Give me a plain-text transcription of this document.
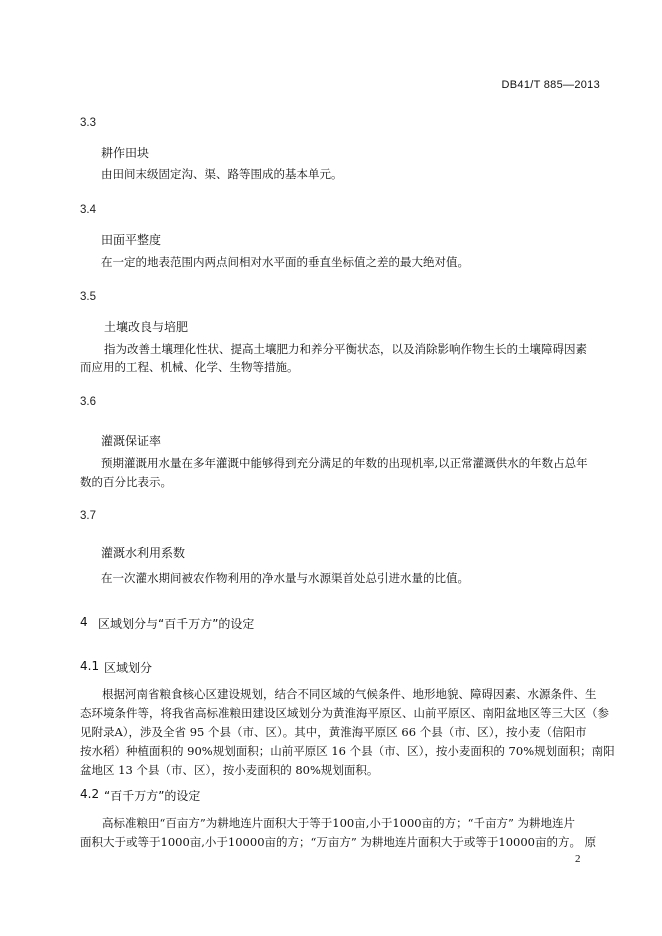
DB41/T 885—2013
3.3
耕作田块
由田间末级固定沟、渠、路等围成的基本单元。
3.4
田面平整度
在一定的地表范围内两点间相对水平面的垂直坐标值之差的最大绝对值。
3.5
土壤改良与培肥
指为改善土壤理化性状、提高土壤肥力和养分平衡状态，以及消除影响作物生长的土壤障碍因素
而应用的工程、机械、化学、生物等措施。
3.6
灌溉保证率
预期灌溉用水量在多年灌溉中能够得到充分满足的年数的出现机率,以正常灌溉供水的年数占总年
数的百分比表示。
3.7
灌溉水利用系数
在一次灌水期间被农作物利用的净水量与水源渠首处总引进水量的比值。
4 区域划分与“百千万方”的设定
4.1 区域划分
根据河南省粮食核心区建设规划，结合不同区域的气候条件、地形地貌、障碍因素、水源条件、生
态环境条件等，将我省高标准粮田建设区域划分为黄淮海平原区、山前平原区、南阳盆地区等三大区（参
见附录A），涉及全省 95 个县（市、区）。其中，黄淮海平原区 66 个县（市、区），按小麦（信阳市
按水稻）种植面积的 90%规划面积；山前平原区 16 个县（市、区），按小麦面积的 70%规划面积；南阳
盆地区 13 个县（市、区），按小麦面积的 80%规划面积。
4.2 “百千万方”的设定
高标准粮田“百亩方”为耕地连片面积大于等于100亩,小于1000亩的方；“千亩方” 为耕地连片
面积大于或等于1000亩,小于10000亩的方；“万亩方” 为耕地连片面积大于或等于10000亩的方。 原
2
